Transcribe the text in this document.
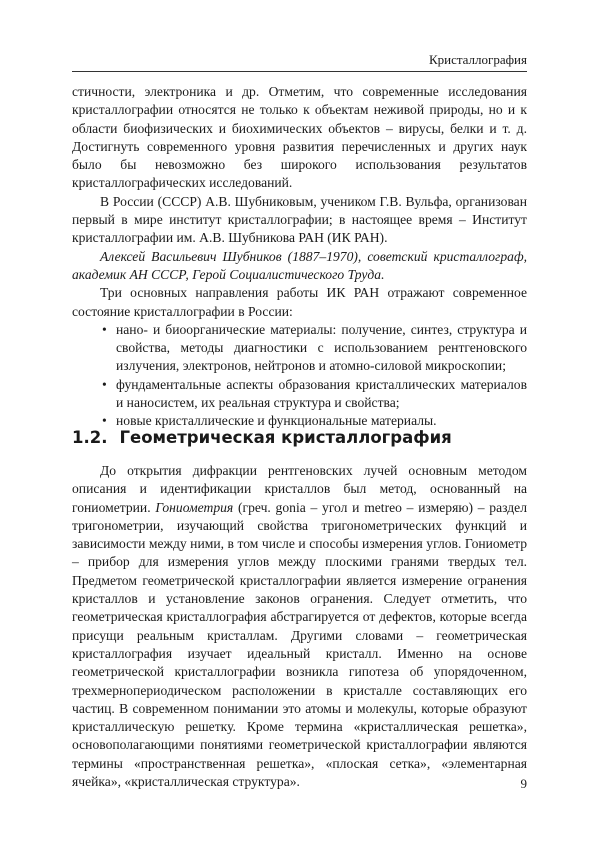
Кристаллография

стичности, электроника и др. Отметим, что современные исследования кристаллографии относятся не только к объектам неживой природы, но и к области биофизических и биохимических объектов – вирусы, белки и т. д. Достигнуть современного уровня развития перечисленных и других наук было бы невозможно без широкого использования результатов кристаллографических исследований.

В России (СССР) А.В. Шубниковым, учеником Г.В. Вульфа, организован первый в мире институт кристаллографии; в настоящее время – Институт кристаллографии им. А.В. Шубникова РАН (ИК РАН).

Алексей Васильевич Шубников (1887–1970), советский кристаллограф, академик АН СССР, Герой Социалистического Труда.

Три основных направления работы ИК РАН отражают современное состояние кристаллографии в России:

• нано- и биоорганические материалы: получение, синтез, структура и свойства, методы диагностики с использованием рентгеновского излучения, электронов, нейтронов и атомно-силовой микроскопии;
• фундаментальные аспекты образования кристаллических материалов и наносистем, их реальная структура и свойства;
• новые кристаллические и функциональные материалы.
1.2. Геометрическая кристаллография

До открытия дифракции рентгеновских лучей основным методом описания и идентификации кристаллов был метод, основанный на гониометрии. Гониометрия (греч. gonia – угол и metreo – измеряю) – раздел тригонометрии, изучающий свойства тригонометрических функций и зависимости между ними, в том числе и способы измерения углов. Гониометр – прибор для измерения углов между плоскими гранями твердых тел. Предметом геометрической кристаллографии является измерение огранения кристаллов и установление законов огранения. Следует отметить, что геометрическая кристаллография абстрагируется от дефектов, которые всегда присущи реальным кристаллам. Другими словами – геометрическая кристаллография изучает идеальный кристалл. Именно на основе геометрической кристаллографии возникла гипотеза об упорядоченном, трехмернопериодическом расположении в кристалле составляющих его частиц. В современном понимании это атомы и молекулы, которые образуют кристаллическую решетку. Кроме термина «кристаллическая решетка», основополагающими понятиями геометрической кристаллографии являются термины «пространственная решетка», «плоская сетка», «элементарная ячейка», «кристаллическая структура».	9
